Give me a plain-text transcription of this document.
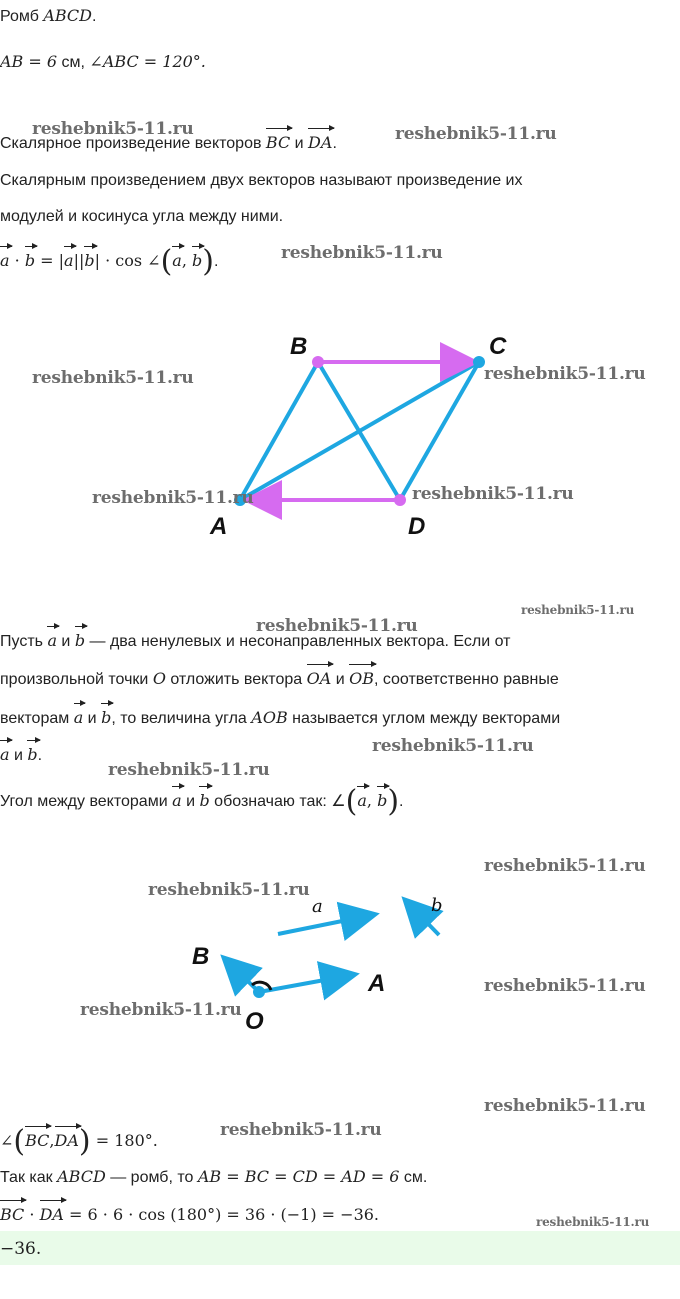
Ромб ABCD.
AB = 6 см, ∠ABC = 120°.
Скалярное произведение векторов
BC и
DA.
Скалярным произведением двух векторов называют произведение их
модулей и косинуса угла между ними.
a ·
b = |
a||
b| · cos ∠(
a,
b).
B	C
A	D
Пусть
a и
b — два ненулевых и несонаправленных вектора. Если от
произвольной точки O отложить вектора
OA и
OB, соответственно равные
векторам
a и
b, то величина угла AOB называется углом между векторами
a и
b.
Угол между векторами
a и
b обозначаю так: ∠(
a,
b).
a	b
B
A
O
∠(
BC,
DA) = 180°.
Так как ABCD — ромб, то AB = BC = CD = AD = 6 см.
BC ·
DA = 6 · 6 · cos (180°) = 36 · (−1) = −36.
−36.
reshebnik5-11.ru	reshebnik5-11.ru
reshebnik5-11.ru
reshebnik5-11.ru	reshebnik5-11.ru
reshebnik5-11.ru	reshebnik5-11.ru
reshebnik5-11.ru
reshebnik5-11.ru
reshebnik5-11.ru
reshebnik5-11.ru
reshebnik5-11.ru
reshebnik5-11.ru
reshebnik5-11.ru
reshebnik5-11.ru
reshebnik5-11.ru
reshebnik5-11.ru
reshebnik5-11.ru
